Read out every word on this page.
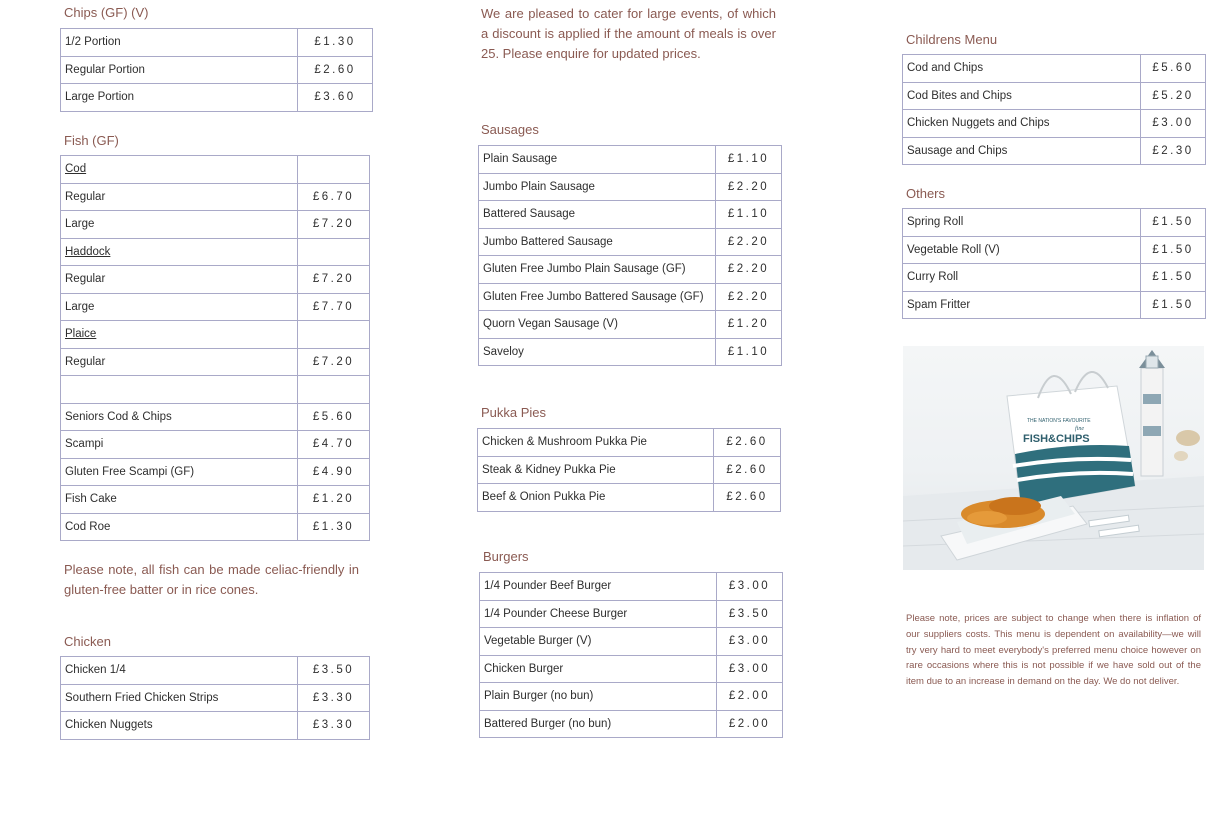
Chips (GF) (V)
1/2 Portion	£1.30
Regular Portion	£2.60
Large Portion	£3.60
Fish (GF)
Cod	
Regular	£6.70
Large	£7.20
Haddock	
Regular	£7.20
Large	£7.70
Plaice	
Regular	£7.20

Seniors Cod & Chips	£5.60
Scampi	£4.70
Gluten Free Scampi (GF)	£4.90
Fish Cake	£1.20
Cod Roe	£1.30
Please note, all fish can be made celiac-friendly in gluten-free batter or in rice cones.
Chicken
Chicken 1/4	£3.50
Southern Fried Chicken Strips	£3.30
Chicken Nuggets	£3.30
We are pleased to cater for large events, of which a discount is applied if the amount of meals is over 25. Please enquire for updated prices.
Sausages
Plain Sausage	£1.10
Jumbo Plain Sausage	£2.20
Battered Sausage	£1.10
Jumbo Battered Sausage	£2.20
Gluten Free Jumbo Plain Sausage (GF)	£2.20
Gluten Free Jumbo Battered Sausage (GF)	£2.20
Quorn Vegan Sausage (V)	£1.20
Saveloy	£1.10
Pukka Pies
Chicken & Mushroom Pukka Pie	£2.60
Steak & Kidney Pukka Pie	£2.60
Beef & Onion Pukka Pie	£2.60
Burgers
1/4 Pounder Beef Burger	£3.00
1/4 Pounder Cheese Burger	£3.50
Vegetable Burger (V)	£3.00
Chicken Burger	£3.00
Plain Burger (no bun)	£2.00
Battered Burger (no bun)	£2.00
Childrens Menu
Cod and Chips	£5.60
Cod Bites and Chips	£5.20
Chicken Nuggets and Chips	£3.00
Sausage and Chips	£2.30
Others
Spring Roll	£1.50
Vegetable Roll (V)	£1.50
Curry Roll	£1.50
Spam Fritter	£1.50
THE NATION'S FAVOURITE
fine
FISH&CHIPS
Please note, prices are subject to change when there is inflation of our suppliers costs. This menu is dependent on availability—we will try very hard to meet everybody's preferred menu choice however on rare occasions where this is not possible if we have sold out of the item due to an increase in demand on the day. We do not deliver.
